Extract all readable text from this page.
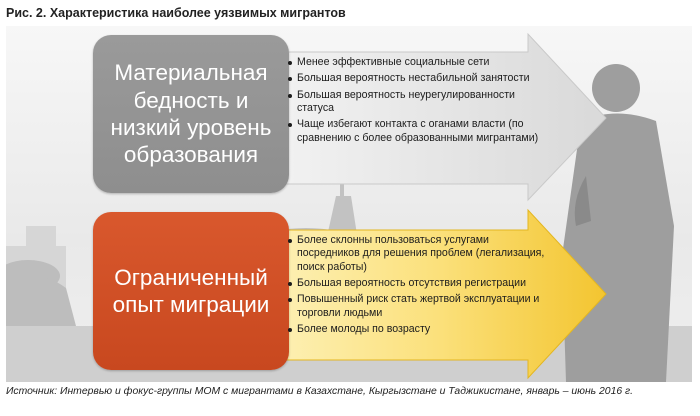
Рис. 2. Характеристика наиболее уязвимых мигрантов
Материальная бедность и низкий уровень образования
Ограниченный опыт миграции
Менее эффективные социальные сети
Большая вероятность нестабильной занятости
Большая вероятность неурегулированности статуса
Чаще избегают контакта с оганами власти (по сравнению с более образованными мигрантами)
Более склонны пользоваться услугами посредников для решения проблем (легализация, поиск работы)
Большая вероятность отсутствия регистрации
Повышенный риск стать жертвой эксплуатации и торговли людьми
Более молоды по возрасту
Источник: Интервью и фокус-группы МОМ с мигрантами в Казахстане, Кыргызстане и Таджикистане, январь – июнь 2016 г.
